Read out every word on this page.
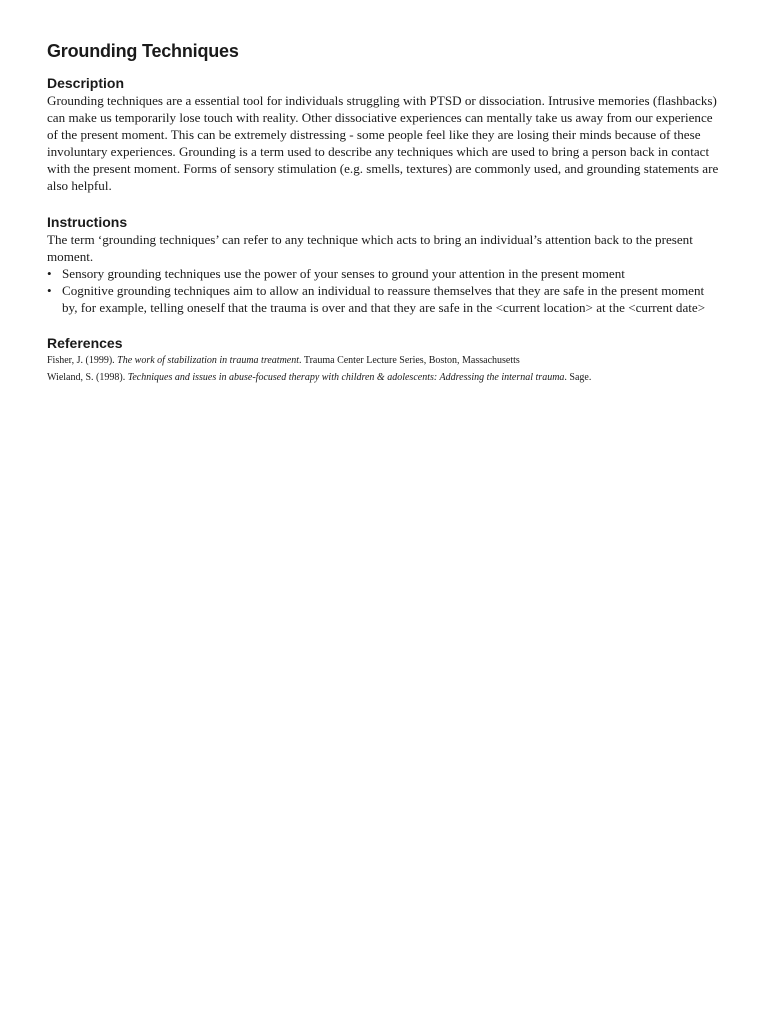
Grounding Techniques
Description

Grounding techniques are a essential tool for individuals struggling with PTSD or dissociation. Intrusive memories (flashbacks) can make us temporarily lose touch with reality. Other dissociative experiences can mentally take us away from our experience of the present moment. This can be extremely distressing - some people feel like they are losing their minds because of these involuntary experiences. Grounding is a term used to describe any techniques which are used to bring a person back in contact with the present moment. Forms of sensory stimulation (e.g. smells, textures) are commonly used, and grounding statements are also helpful.

Instructions

The term ‘grounding techniques’ can refer to any technique which acts to bring an individual’s attention back to the present moment.

• Sensory grounding techniques use the power of your senses to ground your attention in the present moment
• Cognitive grounding techniques aim to allow an individual to reassure themselves that they are safe in the present moment by, for example, telling oneself that the trauma is over and that they are safe in the <current location> at the <current date>
References

Fisher, J. (1999). The work of stabilization in trauma treatment. Trauma Center Lecture Series, Boston, Massachusetts

Wieland, S. (1998). Techniques and issues in abuse-focused therapy with children & adolescents: Addressing the internal trauma. Sage.
